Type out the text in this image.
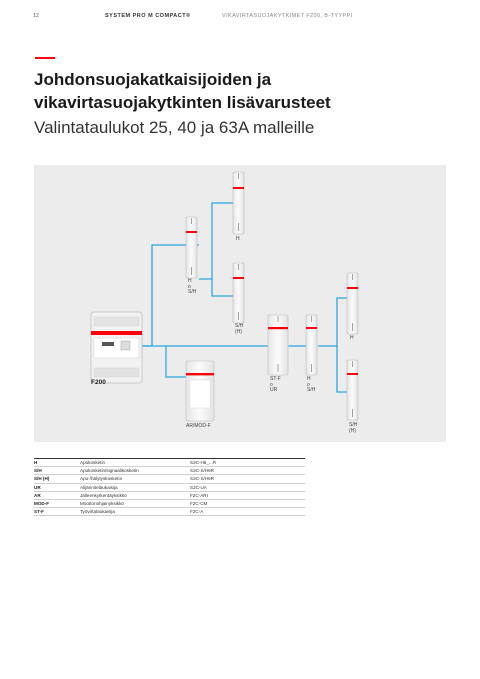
12	SYSTEM PRO M COMPACT®	VIKAVIRTASUOJAKYTKIMET F200, B-TYYPPI
Johdonsuojakatkaisijoiden ja
vikavirtasuojakytkinten lisävarusteet
Valintataulukot 25, 40 ja 63A malleille
H
H
o
S/H
S/H
(H)
AR/MOD-F
ST-F
o
UR
H
o
S/H
H
S/H
(H)
F200
H	Apukosketin	S2C-H6_...R
S/H	Apukosketin/signaalikosketin	S2C-S/H6R
S/H (H)	Apu-/hälytyskosketin	S2C-S/H6R
UR	Alijänniteläukaisija	S2C-UA
AR	Jälleenkytkentäyksikkö	F2C-ARI
MOD-F	Moottoriohjainyksikkö	F2C-CM
ST-F	Työvirtalaukaisija	F2C-A
